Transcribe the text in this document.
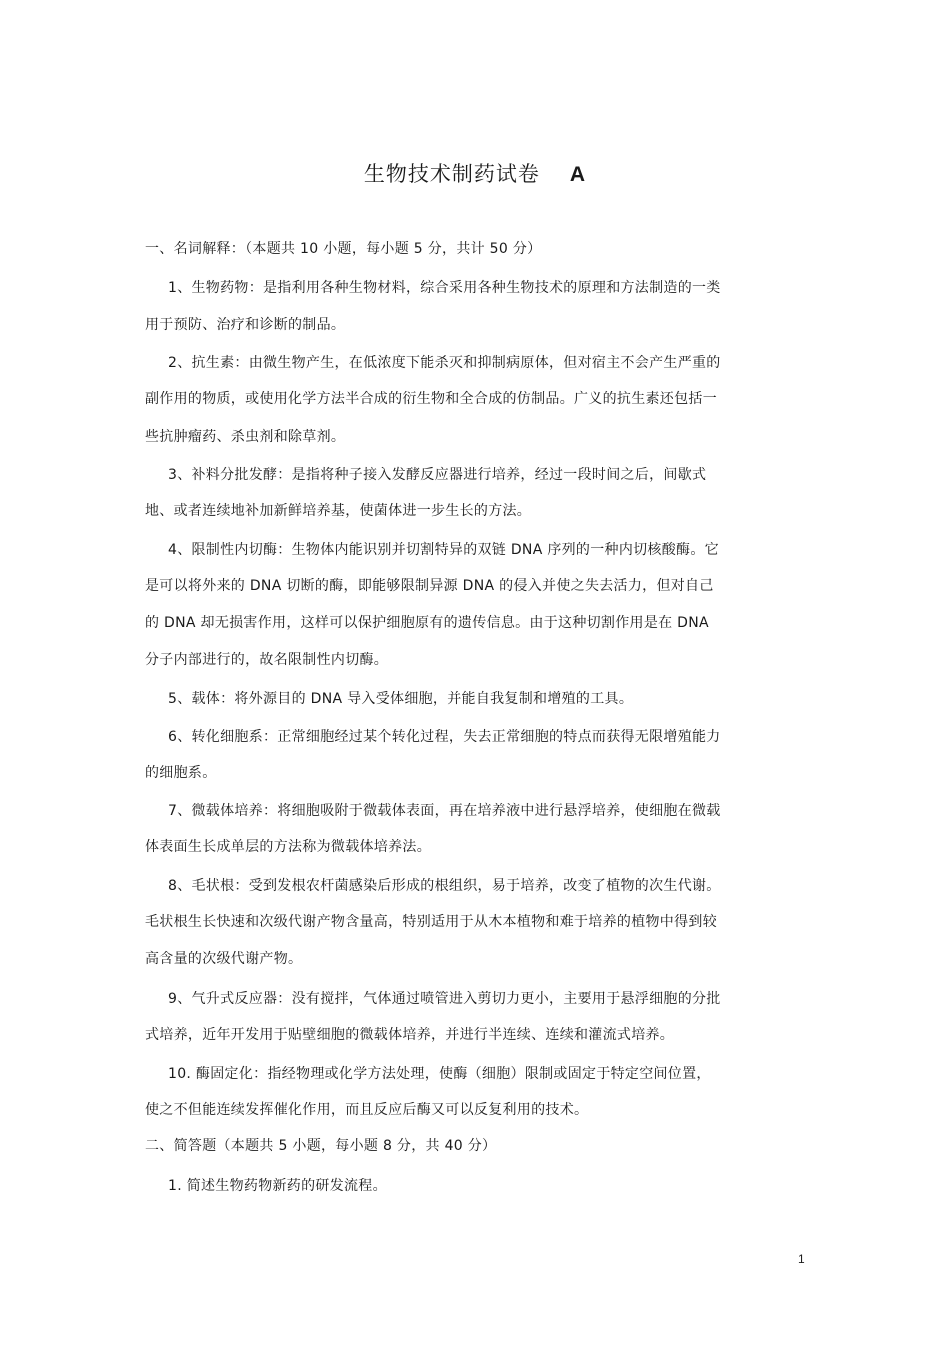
生物技术制药试卷 A
一、名词解释：（本题共 10 小题，每小题 5 分，共计 50 分）
1、生物药物：是指利用各种生物材料，综合采用各种生物技术的原理和方法制造的一类
用于预防、治疗和诊断的制品。
2、抗生素：由微生物产生，在低浓度下能杀灭和抑制病原体，但对宿主不会产生严重的
副作用的物质，或使用化学方法半合成的衍生物和全合成的仿制品。广义的抗生素还包括一
些抗肿瘤药、杀虫剂和除草剂。
3、补料分批发酵：是指将种子接入发酵反应器进行培养，经过一段时间之后，间歇式
地、或者连续地补加新鲜培养基，使菌体进一步生长的方法。
4、限制性内切酶：生物体内能识别并切割特异的双链 DNA 序列的一种内切核酸酶。它
是可以将外来的 DNA 切断的酶，即能够限制异源 DNA 的侵入并使之失去活力，但对自己
的 DNA 却无损害作用，这样可以保护细胞原有的遗传信息。由于这种切割作用是在 DNA
分子内部进行的，故名限制性内切酶。
5、载体：将外源目的 DNA 导入受体细胞，并能自我复制和增殖的工具。
6、转化细胞系：正常细胞经过某个转化过程，失去正常细胞的特点而获得无限增殖能力
的细胞系。
7、微载体培养：将细胞吸附于微载体表面，再在培养液中进行悬浮培养，使细胞在微载
体表面生长成单层的方法称为微载体培养法。
8、毛状根：受到发根农杆菌感染后形成的根组织，易于培养，改变了植物的次生代谢。
毛状根生长快速和次级代谢产物含量高，特别适用于从木本植物和难于培养的植物中得到较
高含量的次级代谢产物。
9、气升式反应器：没有搅拌，气体通过喷管进入剪切力更小，主要用于悬浮细胞的分批
式培养，近年开发用于贴壁细胞的微载体培养，并进行半连续、连续和灌流式培养。
10. 酶固定化：指经物理或化学方法处理，使酶（细胞）限制或固定于特定空间位置，
使之不但能连续发挥催化作用，而且反应后酶又可以反复利用的技术。
二、简答题（本题共 5 小题，每小题 8 分，共 40 分）
1. 简述生物药物新药的研发流程。
1
